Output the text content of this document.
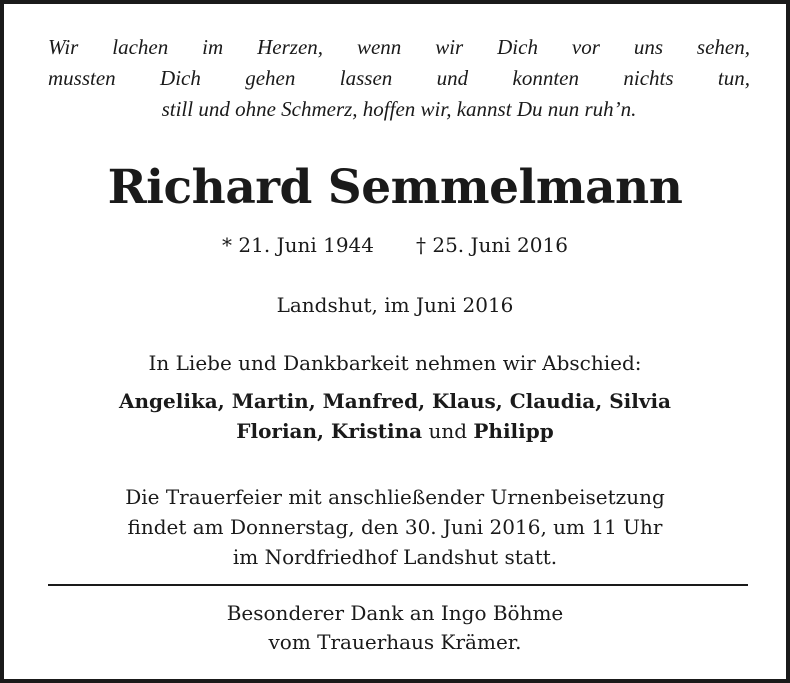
Wir lachen im Herzen, wenn wir Dich vor uns sehen,
mussten Dich gehen lassen und konnten nichts tun,
still und ohne Schmerz, hoffen wir, kannst Du nun ruh’n.
Richard Semmelmann
* 21. Juni 1944 † 25. Juni 2016
Landshut, im Juni 2016
In Liebe und Dankbarkeit nehmen wir Abschied:
Angelika, Martin, Manfred, Klaus, Claudia, Silvia
Florian, Kristina und Philipp
Die Trauerfeier mit anschließender Urnenbeisetzung
findet am Donnerstag, den 30. Juni 2016, um 11 Uhr
im Nordfriedhof Landshut statt.
Besonderer Dank an Ingo Böhme
vom Trauerhaus Krämer.
